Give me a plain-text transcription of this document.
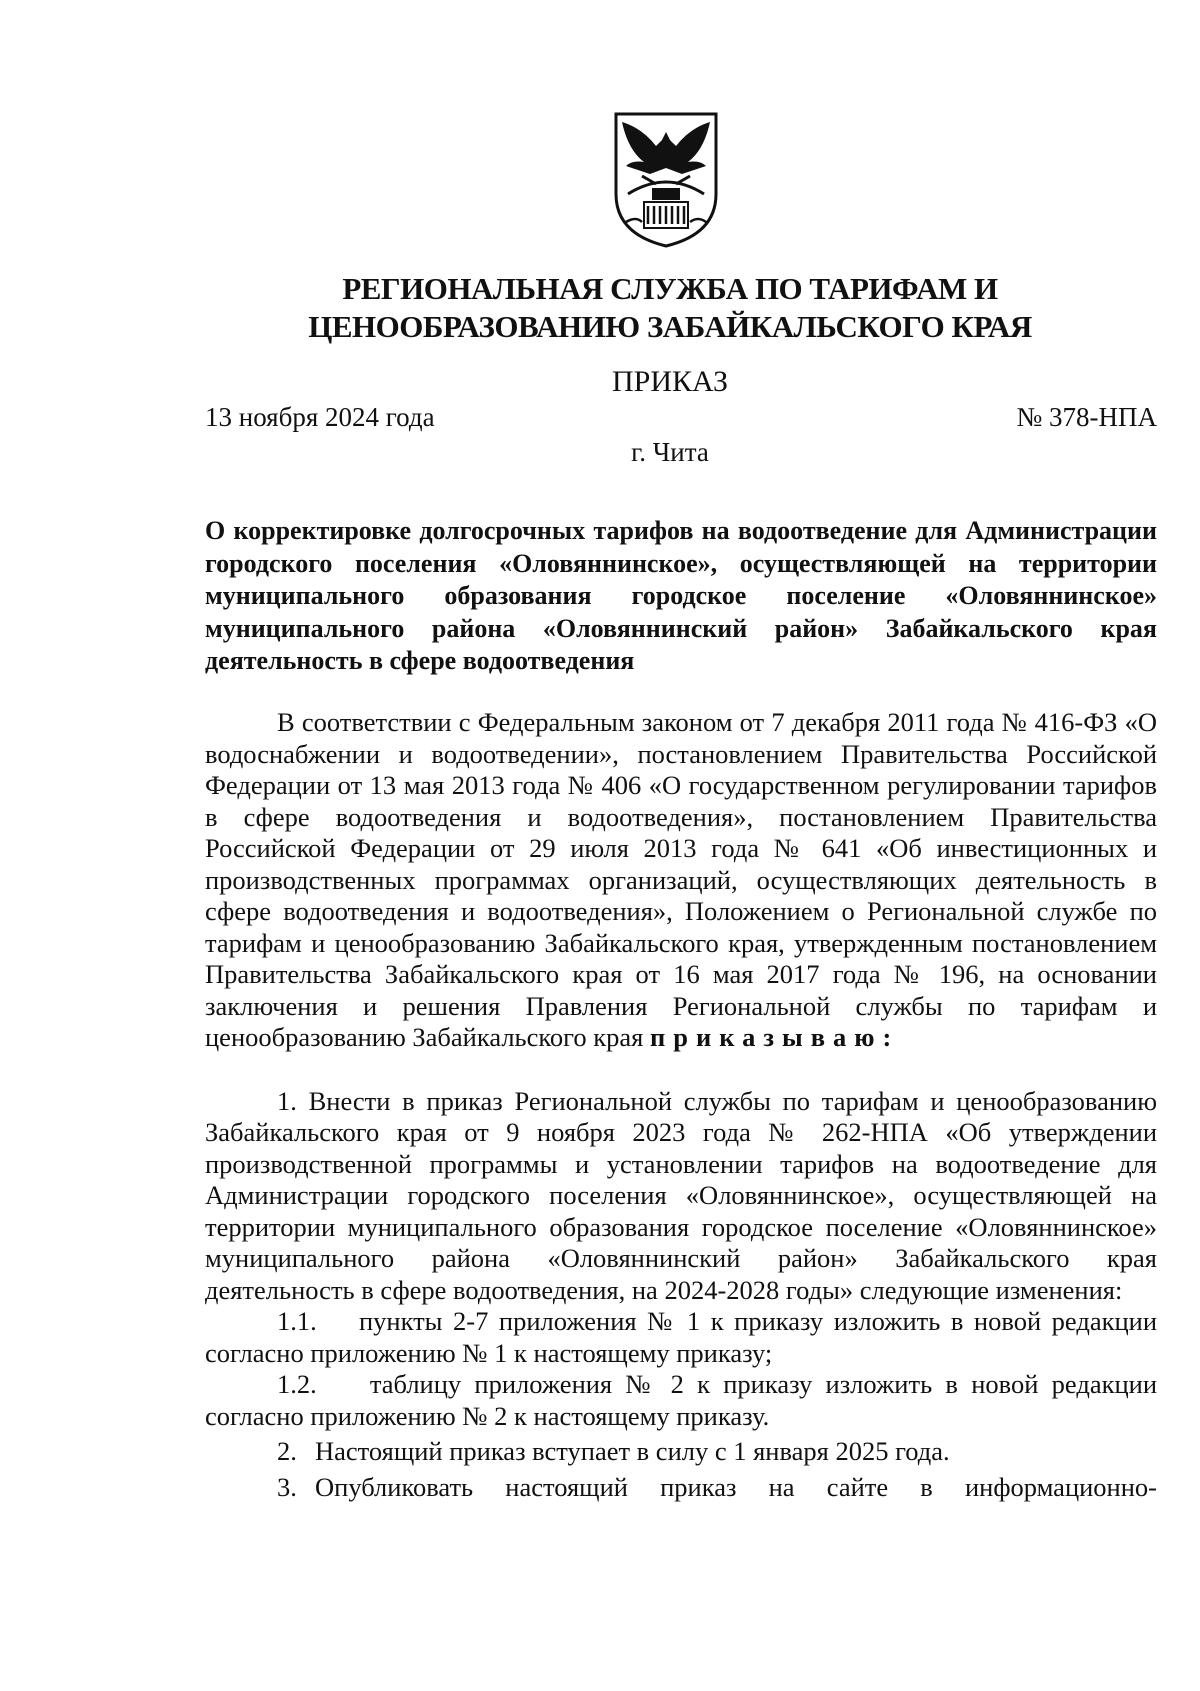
РЕГИОНАЛЬНАЯ СЛУЖБА ПО ТАРИФАМ И
ЦЕНООБРАЗОВАНИЮ ЗАБАЙКАЛЬСКОГО КРАЯ
ПРИКАЗ
13 ноября 2024 года	№ 378-НПА
г. Чита
О корректировке долгосрочных тарифов на водоотведение для Администрации городского поселения «Оловяннинское», осуществляющей на территории муниципального образования городское поселение «Оловяннинское» муниципального района «Оловяннинский район» Забайкальского края деятельность в сфере водоотведения

В соответствии с Федеральным законом от 7 декабря 2011 года № 416-ФЗ «О водоснабжении и водоотведении», постановлением Правительства Российской Федерации от 13 мая 2013 года № 406 «О государственном регулировании тарифов в сфере водоотведения и водоотведения», постановлением Правительства Российской Федерации от 29 июля 2013 года № 641 «Об инвестиционных и производственных программах организаций, осуществляющих деятельность в сфере водоотведения и водоотведения», Положением о Региональной службе по тарифам и ценообразованию Забайкальского края, утвержденным постановлением Правительства Забайкальского края от 16 мая 2017 года № 196, на основании заключения и решения Правления Региональной службы по тарифам и ценообразованию Забайкальского края приказываю:

1. Внести в приказ Региональной службы по тарифам и ценообразованию Забайкальского края от 9 ноября 2023 года № 262-НПА «Об утверждении производственной программы и установлении тарифов на водоотведение для Администрации городского поселения «Оловяннинское», осуществляющей на территории муниципального образования городское поселение «Оловяннинское» муниципального района «Оловяннинский район» Забайкальского края деятельность в сфере водоотведения, на 2024-2028 годы» следующие изменения:

1.1. пункты 2-7 приложения № 1 к приказу изложить в новой редакции согласно приложению № 1 к настоящему приказу;

1.2. таблицу приложения № 2 к приказу изложить в новой редакции согласно приложению № 2 к настоящему приказу.

2. Настоящий приказ вступает в силу с 1 января 2025 года.
3. Опубликовать настоящий приказ на сайте в информационно-
